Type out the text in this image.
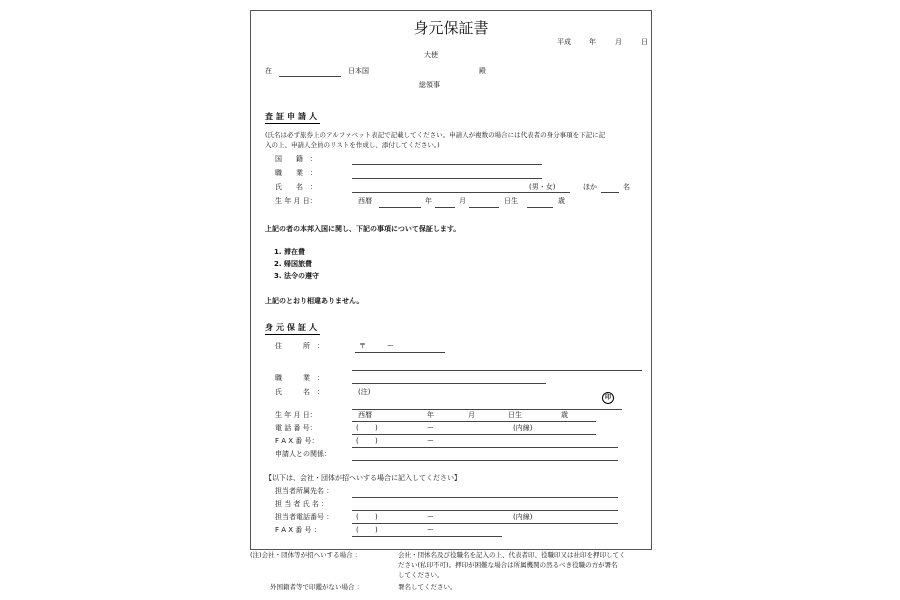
身元保証書
平成	年	月	日
大使
在	日本国	殿
総領事
査証申請人
(氏名は必ず旅券上のアルファベット表記で記載してください。申請人が複数の場合には代表者の身分事項を下記に記
入の上、申請人全員のリストを作成し、添付してください。)
国　　籍　：
職　　業　：
氏　　名　：	(男・女)	ほか	名
生 年 月 日：	西暦	年	月	日生	歳
上記の者の本邦入国に関し、下記の事項について保証します。
1. 滞在費
2. 帰国旅費
3. 法令の遵守
上記のとおり相違ありません。
身元保証人
住　　　所　：	〒　　　ー
職　　　業　：
氏　　　名　：	(注)
印
生 年 月 日：	西暦	年	月	日生	歳
電 話 番 号：	(　　 )	ー	(内線)
F A X 番 号：	(　　 )	ー
申請人との関係：
【以下は、会社・団体が招へいする場合に記入してください】
担当者所属先名 ：
担 当 者 氏 名 ：
担当者電話番号 ：	(　　 )	ー	(内線)
F A X 番 号 ：	(　　 )	ー
(注)会社・団体等が招へいする場合 ：	会社・団体名及び役職名を記入の上、代表者印、役職印又は社印を押印してく
ださい(私印不可)。押印が困難な場合は所属機関の然るべき役職の方が署名
してください。
外国籍者等で印鑑がない場合 ：	署名してください。
